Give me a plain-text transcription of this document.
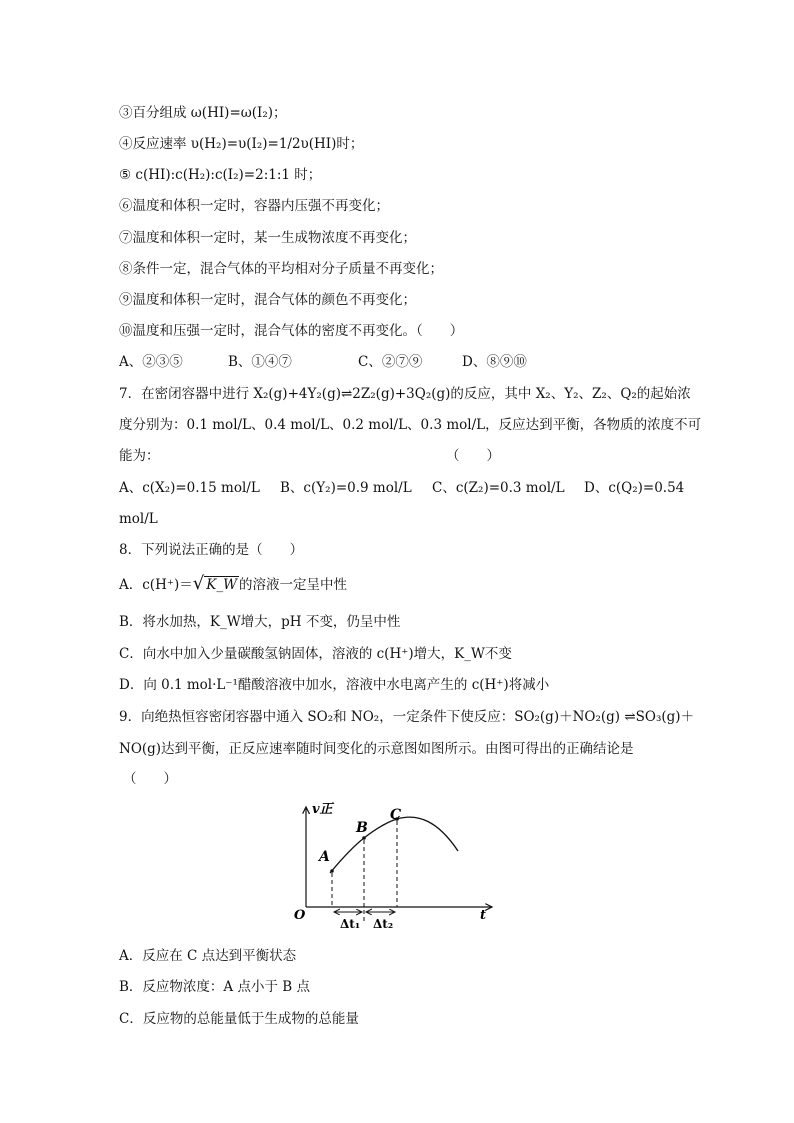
③百分组成 ω(HI)=ω(I₂)；
④反应速率 υ(H₂)=υ(I₂)=1/2υ(HI)时；
⑤ c(HI):c(H₂):c(I₂)=2:1:1 时；
⑥温度和体积一定时，容器内压强不再变化；
⑦温度和体积一定时，某一生成物浓度不再变化；
⑧条件一定，混合气体的平均相对分子质量不再变化；
⑨温度和体积一定时，混合气体的颜色不再变化；
⑩温度和压强一定时，混合气体的密度不再变化。（　　）
A、②③⑤	B、①④⑦	C、②⑦⑨	D、⑧⑨⑩
7．在密闭容器中进行 X₂(g)+4Y₂(g)⇌2Z₂(g)+3Q₂(g)的反应，其中 X₂、Y₂、Z₂、Q₂的起始浓
度分别为：0.1 mol/L、0.4 mol/L、0.2 mol/L、0.3 mol/L，反应达到平衡，各物质的浓度不可
能为：	（　　）
A、c(X₂)=0.15 mol/L B、c(Y₂)=0.9 mol/L C、c(Z₂)=0.3 mol/L D、c(Q₂)=0.54
mol/L
8．下列说法正确的是（　　）
A．c(H⁺)＝√ K_W 的溶液一定呈中性
B．将水加热，K_W增大，pH 不变，仍呈中性
C．向水中加入少量碳酸氢钠固体，溶液的 c(H⁺)增大，K_W不变
D．向 0.1 mol·L⁻¹醋酸溶液中加水，溶液中水电离产生的 c(H⁺)将减小
9．向绝热恒容密闭容器中通入 SO₂和 NO₂，一定条件下使反应：SO₂(g)＋NO₂(g) ⇌SO₃(g)＋
NO(g)达到平衡，正反应速率随时间变化的示意图如图所示。由图可得出的正确结论是
（　　）
v正
t
O
A
B
C
Δt₁ Δt₂
A．反应在 C 点达到平衡状态
B．反应物浓度：A 点小于 B 点
C．反应物的总能量低于生成物的总能量
